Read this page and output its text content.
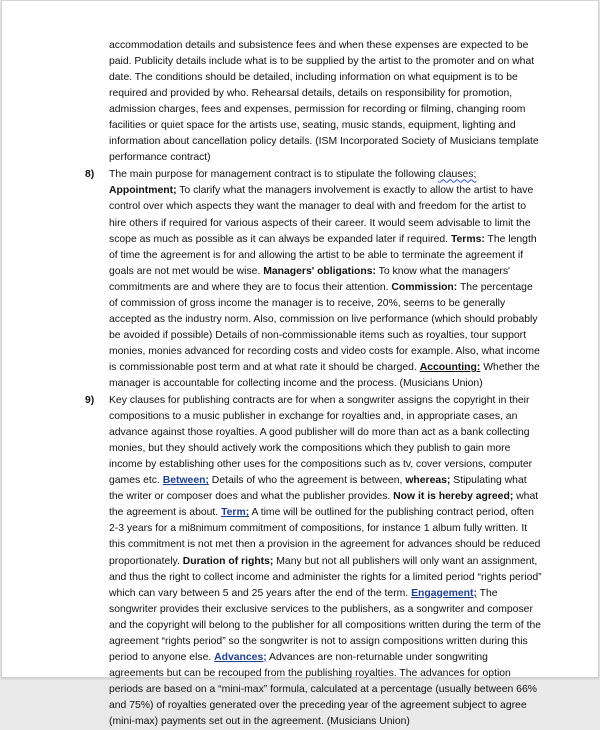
accommodation details and subsistence fees and when these expenses are expected to be paid. Publicity details include what is to be supplied by the artist to the promoter and on what date. The conditions should be detailed, including information on what equipment is to be required and provided by who. Rehearsal details, details on responsibility for promotion, admission charges, fees and expenses, permission for recording or filming, changing room facilities or quiet space for the artists use, seating, music stands, equipment, lighting and information about cancellation policy details. (ISM Incorporated Society of Musicians template performance contract)

8) The main purpose for management contract is to stipulate the following clauses; Appointment; To clarify what the managers involvement is exactly to allow the artist to have control over which aspects they want the manager to deal with and freedom for the artist to hire others if required for various aspects of their career. It would seem advisable to limit the scope as much as possible as it can always be expanded later if required. Terms: The length of time the agreement is for and allowing the artist to be able to terminate the agreement if goals are not met would be wise. Managers' obligations: To know what the managers' commitments are and where they are to focus their attention. Commission: The percentage of commission of gross income the manager is to receive, 20%, seems to be generally accepted as the industry norm. Also, commission on live performance (which should probably be avoided if possible) Details of non-commissionable items such as royalties, tour support monies, monies advanced for recording costs and video costs for example. Also, what income is commissionable post term and at what rate it should be charged. Accounting: Whether the manager is accountable for collecting income and the process. (Musicians Union)
9) Key clauses for publishing contracts are for when a songwriter assigns the copyright in their compositions to a music publisher in exchange for royalties and, in appropriate cases, an advance against those royalties. A good publisher will do more than act as a bank collecting monies, but they should actively work the compositions which they publish to gain more income by establishing other uses for the compositions such as tv, cover versions, computer games etc. Between; Details of who the agreement is between, whereas; Stipulating what the writer or composer does and what the publisher provides. Now it is hereby agreed; what the agreement is about. Term; A time will be outlined for the publishing contract period, often 2-3 years for a mi8nimum commitment of compositions, for instance 1 album fully written. It this commitment is not met then a provision in the agreement for advances should be reduced proportionately. Duration of rights; Many but not all publishers will only want an assignment, and thus the right to collect income and administer the rights for a limited period “rights period” which can vary between 5 and 25 years after the end of the term. Engagement; The songwriter provides their exclusive services to the publishers, as a songwriter and composer and the copyright will belong to the publisher for all compositions written during the term of the agreement “rights period” so the songwriter is not to assign compositions written during this period to anyone else. Advances; Advances are non-returnable under songwriting agreements but can be recouped from the publishing royalties. The advances for option periods are based on a “mini-max” formula, calculated at a percentage (usually between 66% and 75%) of royalties generated over the preceding year of the agreement subject to agree (mini-max) payments set out in the agreement. (Musicians Union)
